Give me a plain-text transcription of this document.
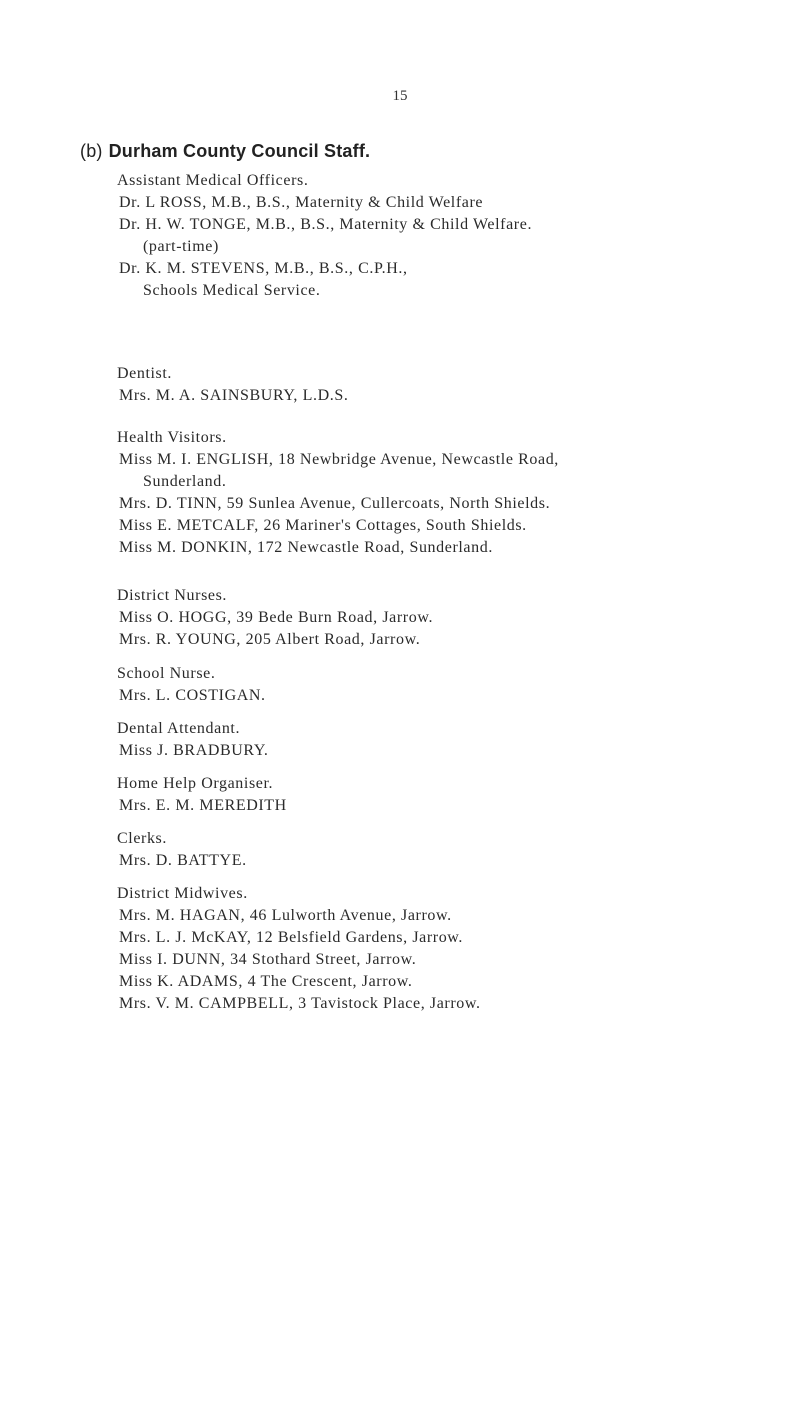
15
(b) Durham County Council Staff.

Assistant Medical Officers.

Dr. L ROSS, M.B., B.S., Maternity & Child Welfare

Dr. H. W. TONGE, M.B., B.S., Maternity & Child Welfare.
(part-time)

Dr. K. M. STEVENS, M.B., B.S., C.P.H.,
Schools Medical Service.

Dentist.

Mrs. M. A. SAINSBURY, L.D.S.

Health Visitors.

Miss M. I. ENGLISH, 18 Newbridge Avenue, Newcastle Road,
Sunderland.

Mrs. D. TINN, 59 Sunlea Avenue, Cullercoats, North Shields.

Miss E. METCALF, 26 Mariner's Cottages, South Shields.

Miss M. DONKIN, 172 Newcastle Road, Sunderland.

District Nurses.

Miss O. HOGG, 39 Bede Burn Road, Jarrow.

Mrs. R. YOUNG, 205 Albert Road, Jarrow.

School Nurse.

Mrs. L. COSTIGAN.

Dental Attendant.

Miss J. BRADBURY.

Home Help Organiser.

Mrs. E. M. MEREDITH

Clerks.

Mrs. D. BATTYE.

District Midwives.

Mrs. M. HAGAN, 46 Lulworth Avenue, Jarrow.

Mrs. L. J. McKAY, 12 Belsfield Gardens, Jarrow.

Miss I. DUNN, 34 Stothard Street, Jarrow.

Miss K. ADAMS, 4 The Crescent, Jarrow.

Mrs. V. M. CAMPBELL, 3 Tavistock Place, Jarrow.
